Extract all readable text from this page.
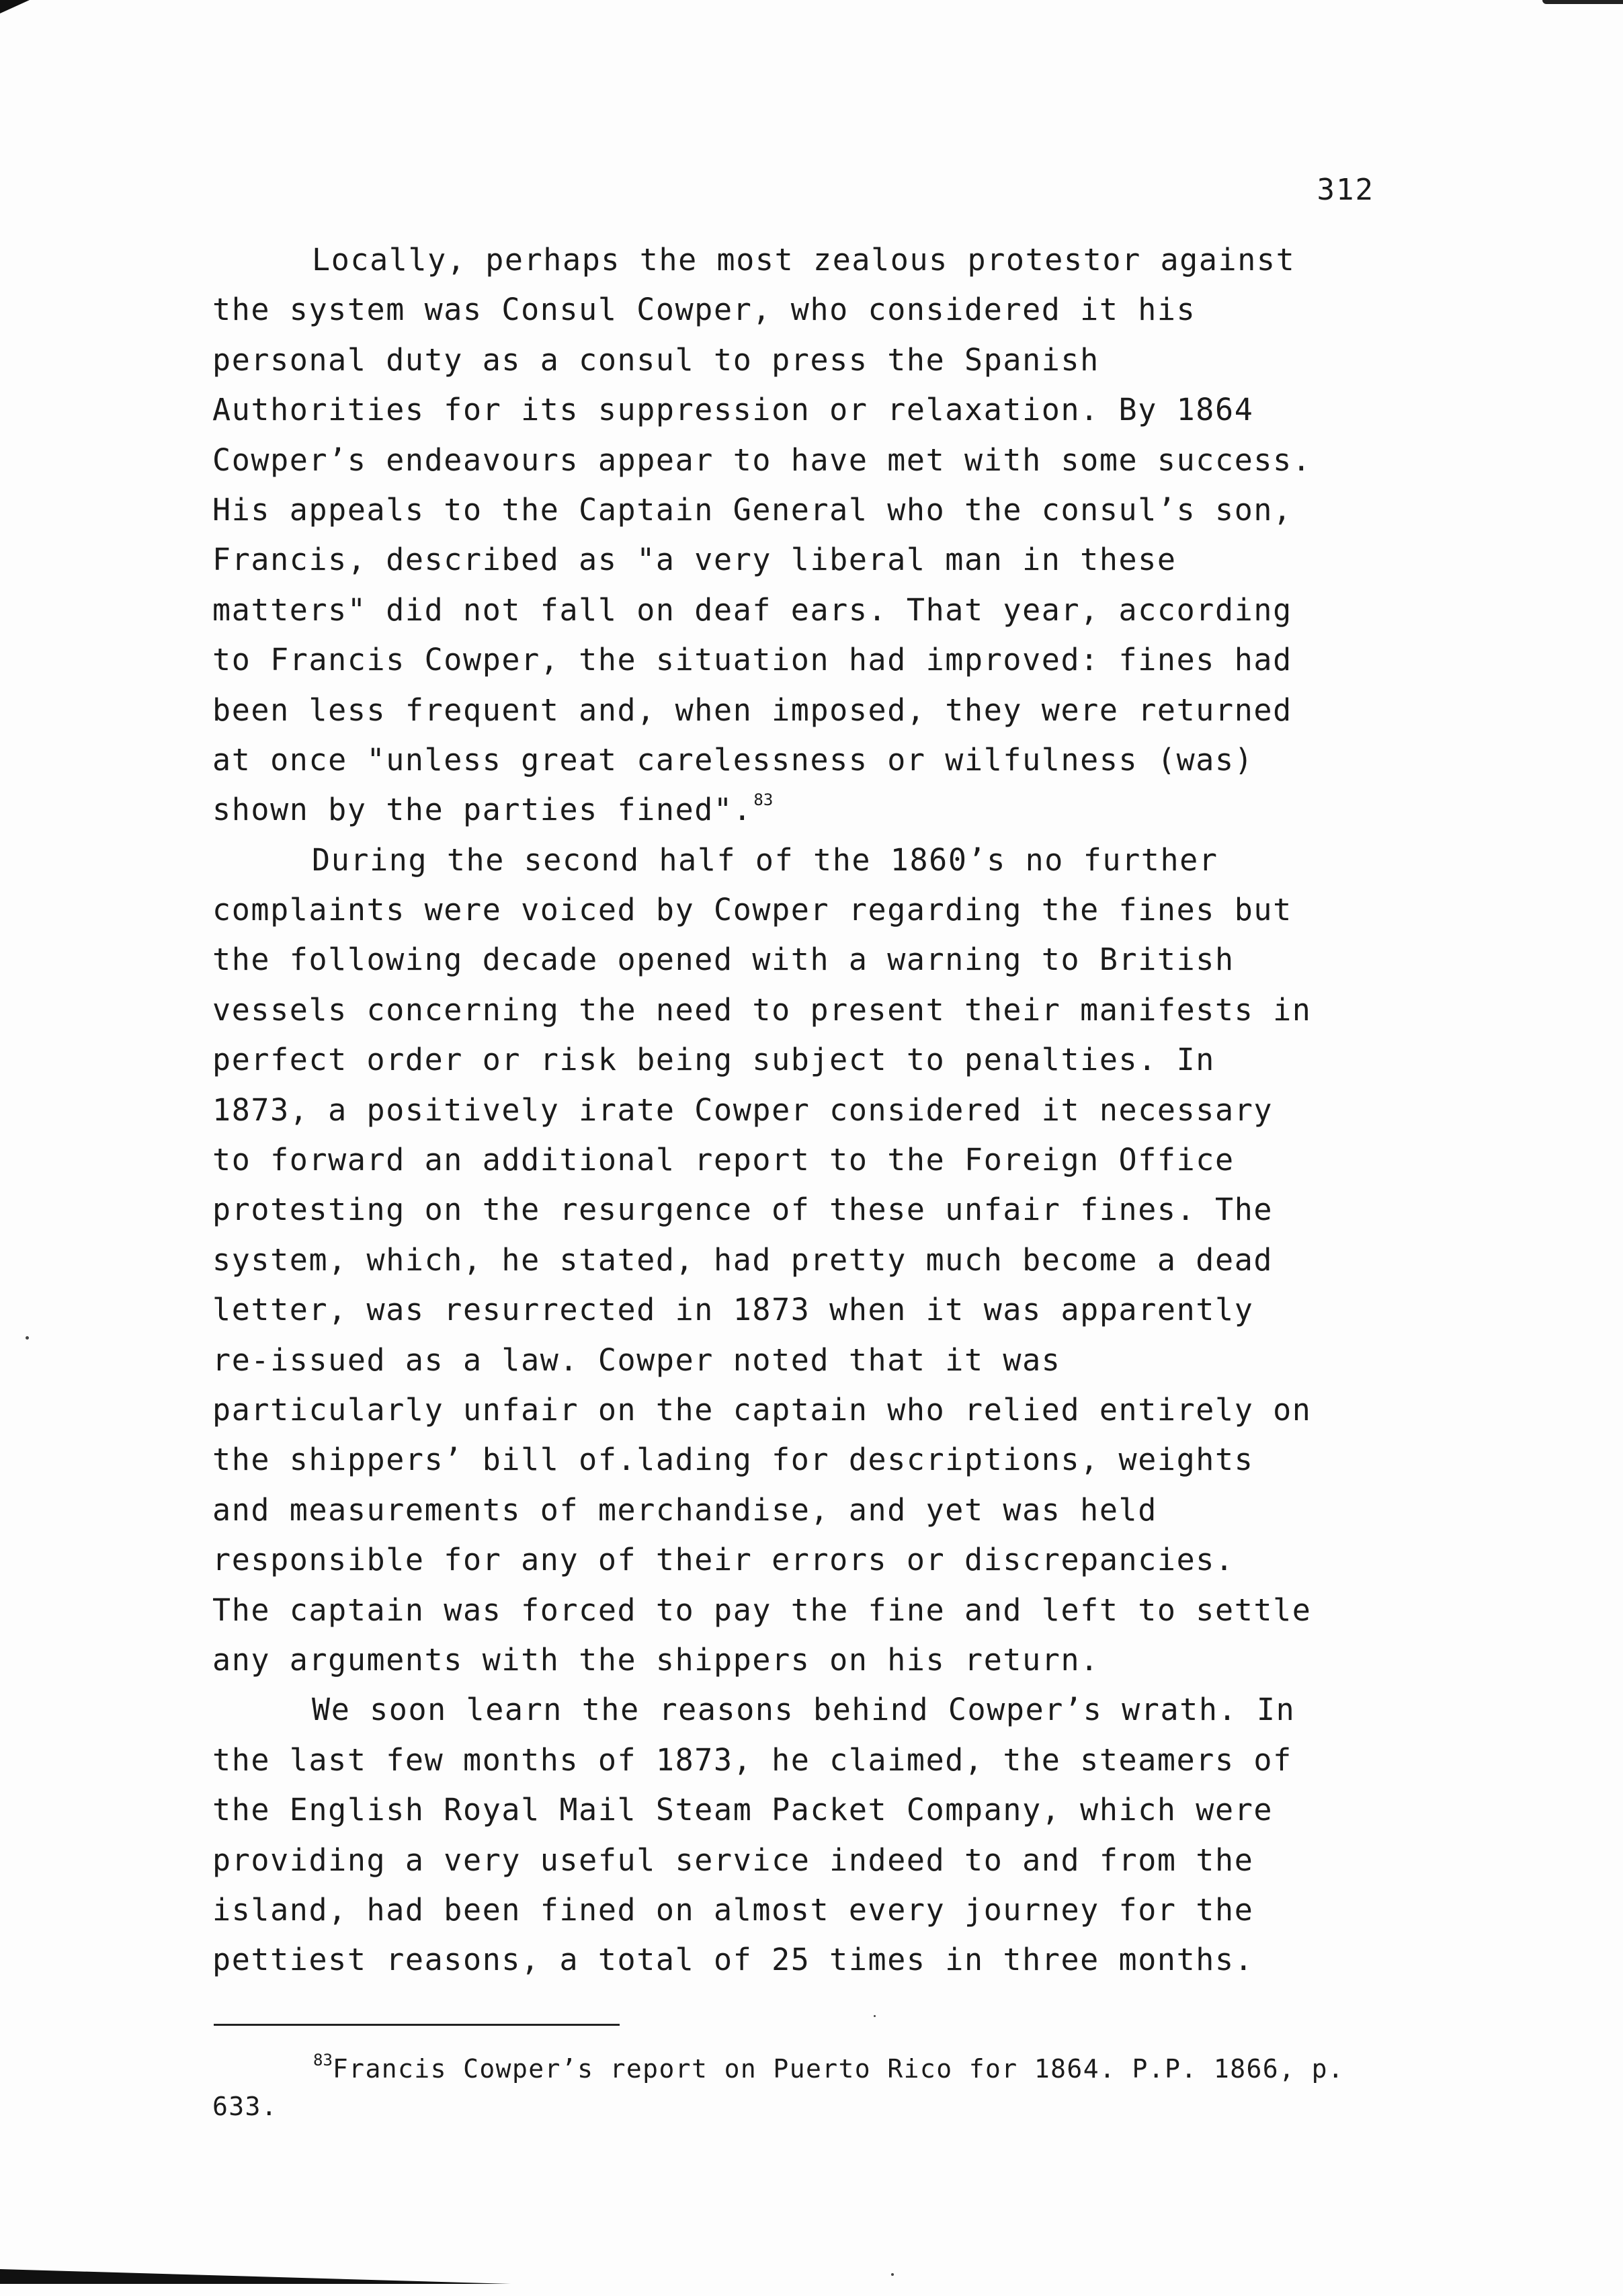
312

Locally, perhaps the most zealous protestor against
the system was Consul Cowper, who considered it his
personal duty as a consul to press the Spanish
Authorities for its suppression or relaxation. By 1864
Cowper’s endeavours appear to have met with some success.
His appeals to the Captain General who the consul’s son,
Francis, described as "a very liberal man in these
matters" did not fall on deaf ears. That year, according
to Francis Cowper, the situation had improved: fines had
been less frequent and, when imposed, they were returned
at once "unless great carelessness or wilfulness (was)
shown by the parties fined".$^{83}$

During the second half of the 1860’s no further
complaints were voiced by Cowper regarding the fines but
the following decade opened with a warning to British
vessels concerning the need to present their manifests in
perfect order or risk being subject to penalties. In
1873, a positively irate Cowper considered it necessary
to forward an additional report to the Foreign Office
protesting on the resurgence of these unfair fines. The
system, which, he stated, had pretty much become a dead
letter, was resurrected in 1873 when it was apparently
re-issued as a law. Cowper noted that it was
particularly unfair on the captain who relied entirely on
the shippers’ bill of.lading for descriptions, weights
and measurements of merchandise, and yet was held
responsible for any of their errors or discrepancies.
The captain was forced to pay the fine and left to settle
any arguments with the shippers on his return.

We soon learn the reasons behind Cowper’s wrath. In
the last few months of 1873, he claimed, the steamers of
the English Royal Mail Steam Packet Company, which were
providing a very useful service indeed to and from the
island, had been fined on almost every journey for the
pettiest reasons, a total of 25 times in three months.

$^{83}$Francis Cowper’s report on Puerto Rico for 1864. P.P. 1866, p.
633.
